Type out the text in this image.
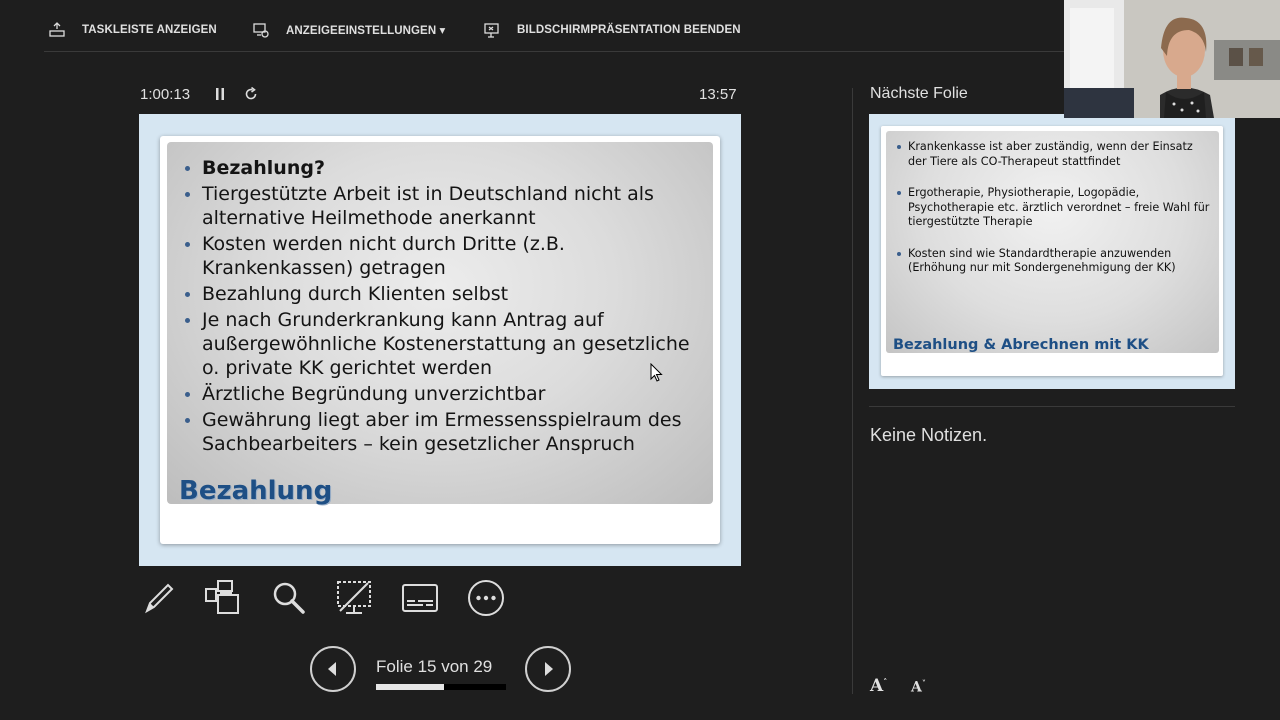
TASKLEISTE ANZEIGEN	ANZEIGEEINSTELLUNGEN ▾	BILDSCHIRMPRÄSENTATION BEENDEN
1:00:13	13:57
Bezahlung?
Tiergestützte Arbeit ist in Deutschland nicht als alternative Heilmethode anerkannt
Kosten werden nicht durch Dritte (z.B. Krankenkassen) getragen
Bezahlung durch Klienten selbst
Je nach Grunderkrankung kann Antrag auf außergewöhnliche Kostenerstattung an gesetzliche o. private KK gerichtet werden
Ärztliche Begründung unverzichtbar
Gewährung liegt aber im Ermessensspielraum des Sachbearbeiters – kein gesetzlicher Anspruch
Bezahlung
Folie 15 von 29
Nächste Folie
Krankenkasse ist aber zuständig, wenn der Einsatz der Tiere als CO-Therapeut stattfindet
Ergotherapie, Physiotherapie, Logopädie, Psychotherapie etc. ärztlich verordnet – freie Wahl für tiergestützte Therapie
Kosten sind wie Standardtherapie anzuwenden (Erhöhung nur mit Sondergenehmigung der KK)
Bezahlung & Abrechnen mit KK
Keine Notizen.
A˄ A˅
